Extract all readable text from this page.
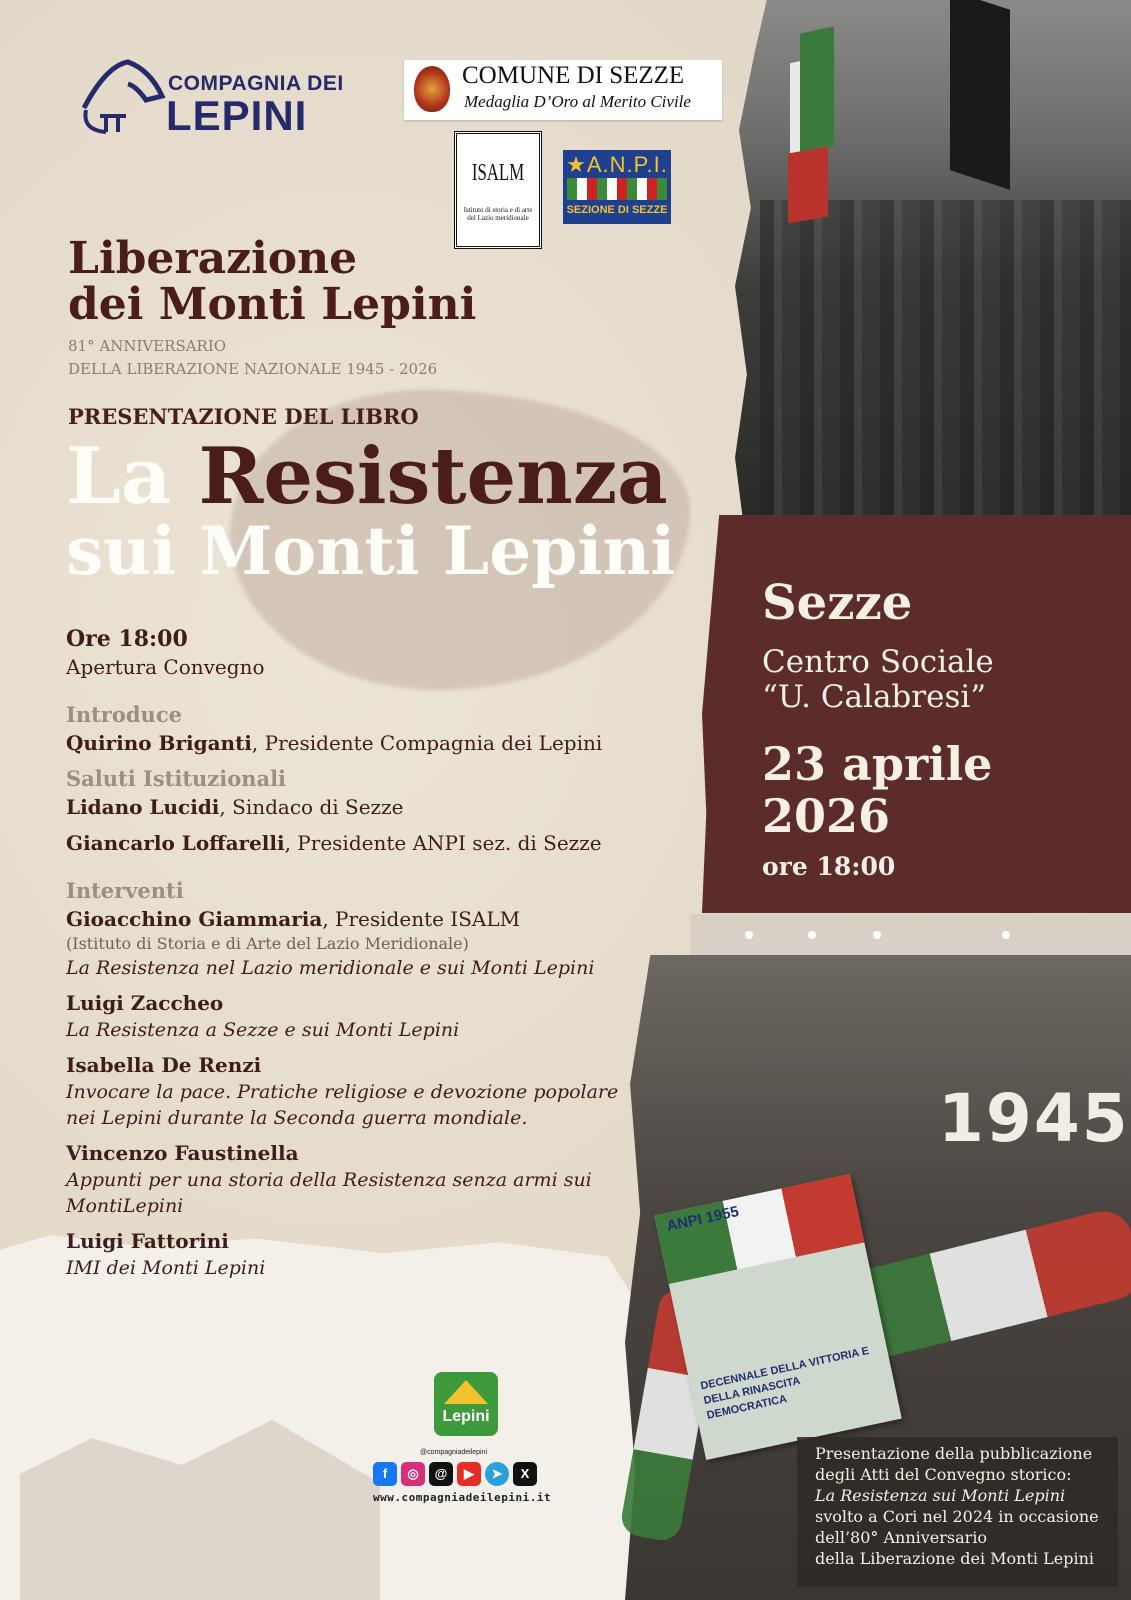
COMPAGNIA DEI
LEPINI
COMUNE DI SEZZE
Medaglia D’Oro al Merito Civile
ISALM
Istituto di storia e di arte del Lazio meridionale
★A.N.P.I.
SEZIONE DI SEZZE
Liberazione
dei Monti Lepini
81° ANNIVERSARIO
DELLA LIBERAZIONE NAZIONALE 1945 - 2026
PRESENTAZIONE DEL LIBRO
La Resistenza
sui Monti Lepini
Ore 18:00
Apertura Convegno
Introduce
Quirino Briganti, Presidente Compagnia dei Lepini
Saluti Istituzionali
Lidano Lucidi, Sindaco di Sezze
Giancarlo Loffarelli, Presidente ANPI sez. di Sezze
Interventi
Gioacchino Giammaria, Presidente ISALM
(Istituto di Storia e di Arte del Lazio Meridionale)
La Resistenza nel Lazio meridionale e sui Monti Lepini
Luigi Zaccheo
La Resistenza a Sezze e sui Monti Lepini
Isabella De Renzi
Invocare la pace. Pratiche religiose e devozione popolare
nei Lepini durante la Seconda guerra mondiale.
Vincenzo Faustinella
Appunti per una storia della Resistenza senza armi sui
MontiLepini
Luigi Fattorini
IMI dei Monti Lepini
Sezze
Centro Sociale
“U. Calabresi”
23 aprile
2026
ore 18:00
1945
ANPI 1955
DECENNALE DELLA VITTORIA E DELLA RINASCITA DEMOCRATICA
Presentazione della pubblicazione
degli Atti del Convegno storico:
La Resistenza sui Monti Lepini
svolto a Cori nel 2024 in occasione
dell’80° Anniversario
della Liberazione dei Monti Lepini
Lepini
@compagniadeilepini
f ◎ @ ▶ ➤ X
www.compagniadeilepini.it
